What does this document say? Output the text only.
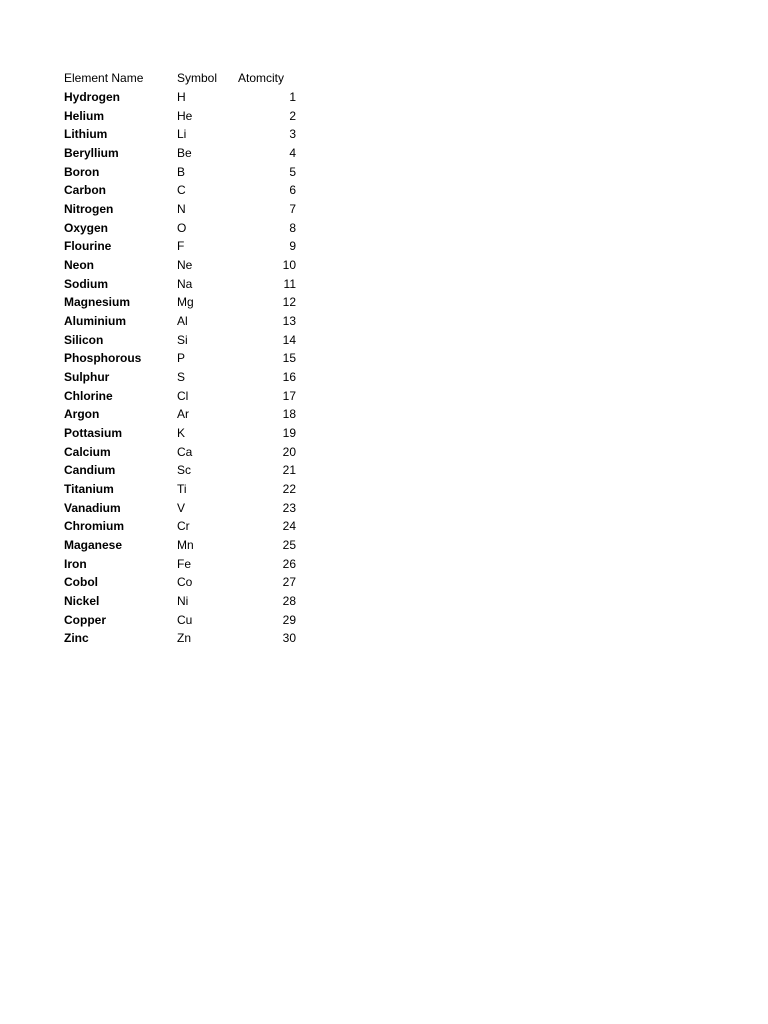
Element Name	Symbol	Atomcity
Hydrogen	H	1
Helium	He	2
Lithium	Li	3
Beryllium	Be	4
Boron	B	5
Carbon	C	6
Nitrogen	N	7
Oxygen	O	8
Flourine	F	9
Neon	Ne	10
Sodium	Na	11
Magnesium	Mg	12
Aluminium	Al	13
Silicon	Si	14
Phosphorous	P	15
Sulphur	S	16
Chlorine	Cl	17
Argon	Ar	18
Pottasium	K	19
Calcium	Ca	20
Candium	Sc	21
Titanium	Ti	22
Vanadium	V	23
Chromium	Cr	24
Maganese	Mn	25
Iron	Fe	26
Cobol	Co	27
Nickel	Ni	28
Copper	Cu	29
Zinc	Zn	30
